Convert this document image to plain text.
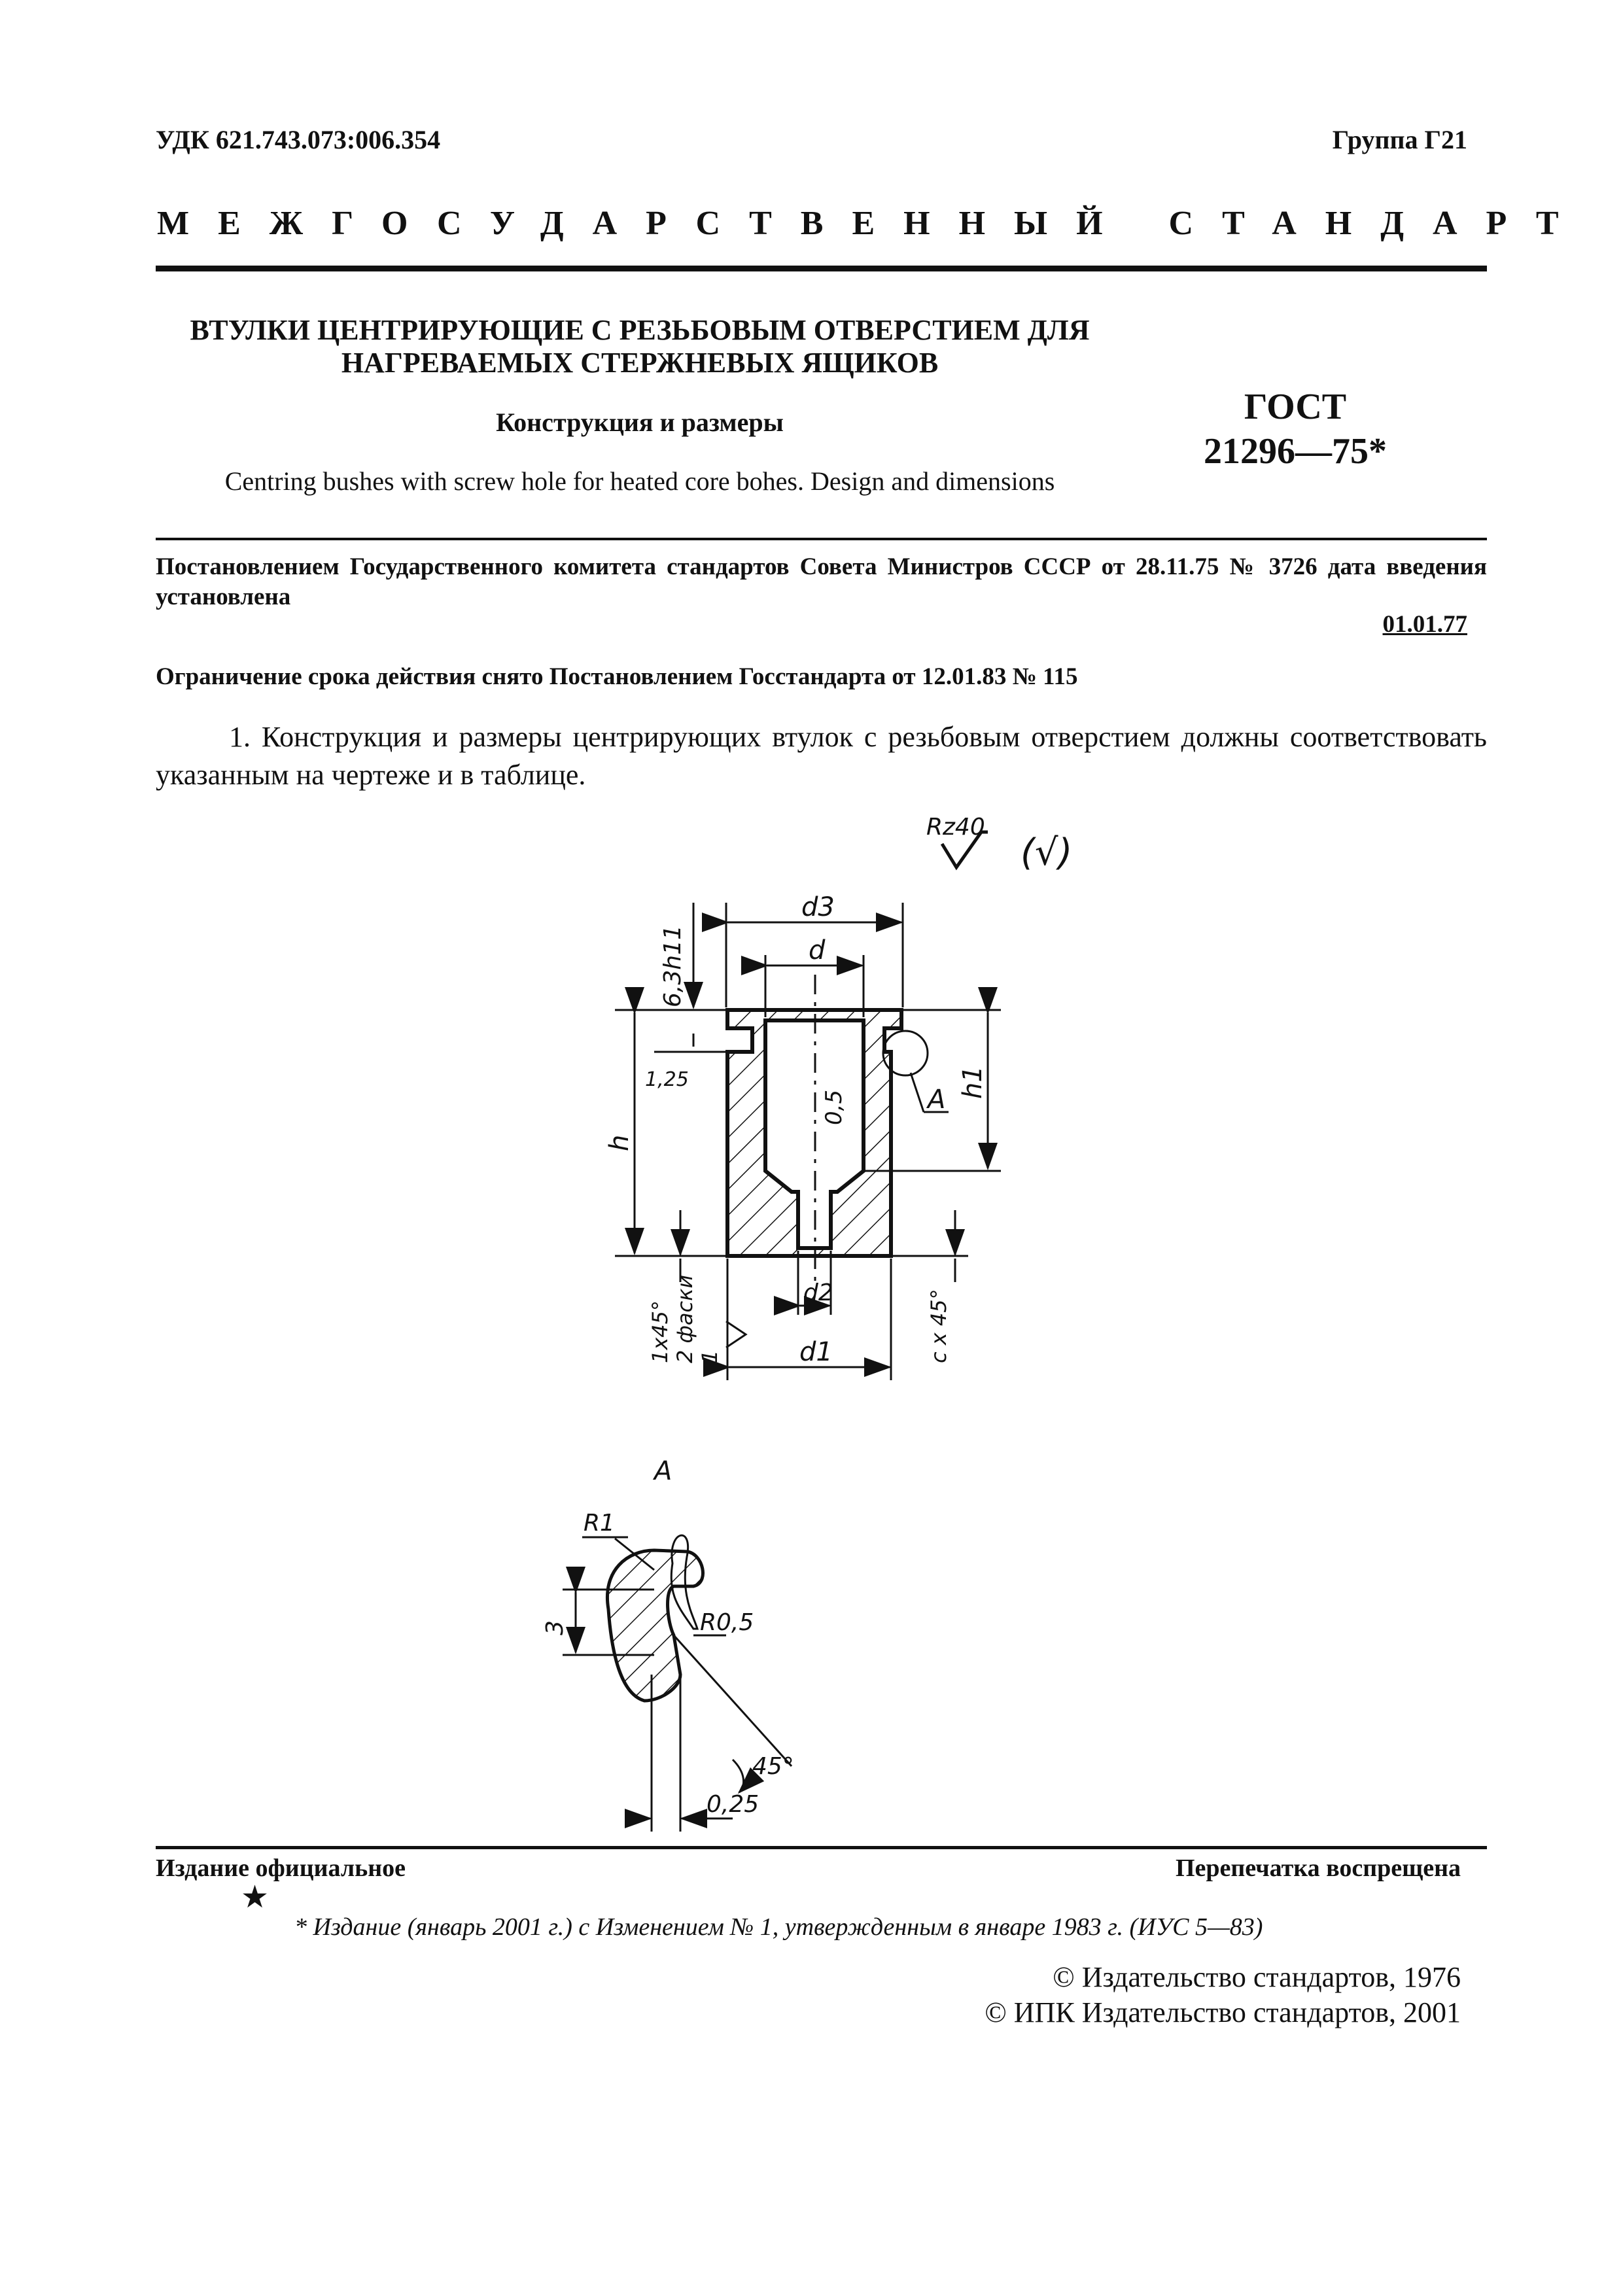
УДК 621.743.073:006.354	Группа Г21
МЕЖГОСУДАРСТВЕННЫЙ СТАНДАРТ
ВТУЛКИ ЦЕНТРИРУЮЩИЕ С РЕЗЬБОВЫМ ОТВЕРСТИЕМ ДЛЯ
НАГРЕВАЕМЫХ СТЕРЖНЕВЫХ ЯЩИКОВ
Конструкция и размеры
Centring bushes with screw hole for heated core bohes. Design and dimensions
ГОСТ
21296—75*
Постановлением Государственного комитета стандартов Совета Министров СССР от 28.11.75 № 3726 дата введения установлена
01.01.77
Ограничение срока действия снято Постановлением Госстандарта от 12.01.83 № 115
1. Конструкция и размеры центрирующих втулок с резьбовым отверстием должны соответствовать указанным на чертеже и в таблице.
Rz40
(√)
d3
d
6,3h11
1,25
h
h1
0,5	A
d2
d1
1x45° 2 фаски 1	c x 45°
A
R1
3	R0,5
45°
0,25
Издание официальное	Перепечатка воспрещена
★
* Издание (январь 2001 г.) с Изменением № 1, утвержденным в январе 1983 г. (ИУС 5—83)
© Издательство стандартов, 1976
© ИПК Издательство стандартов, 2001
